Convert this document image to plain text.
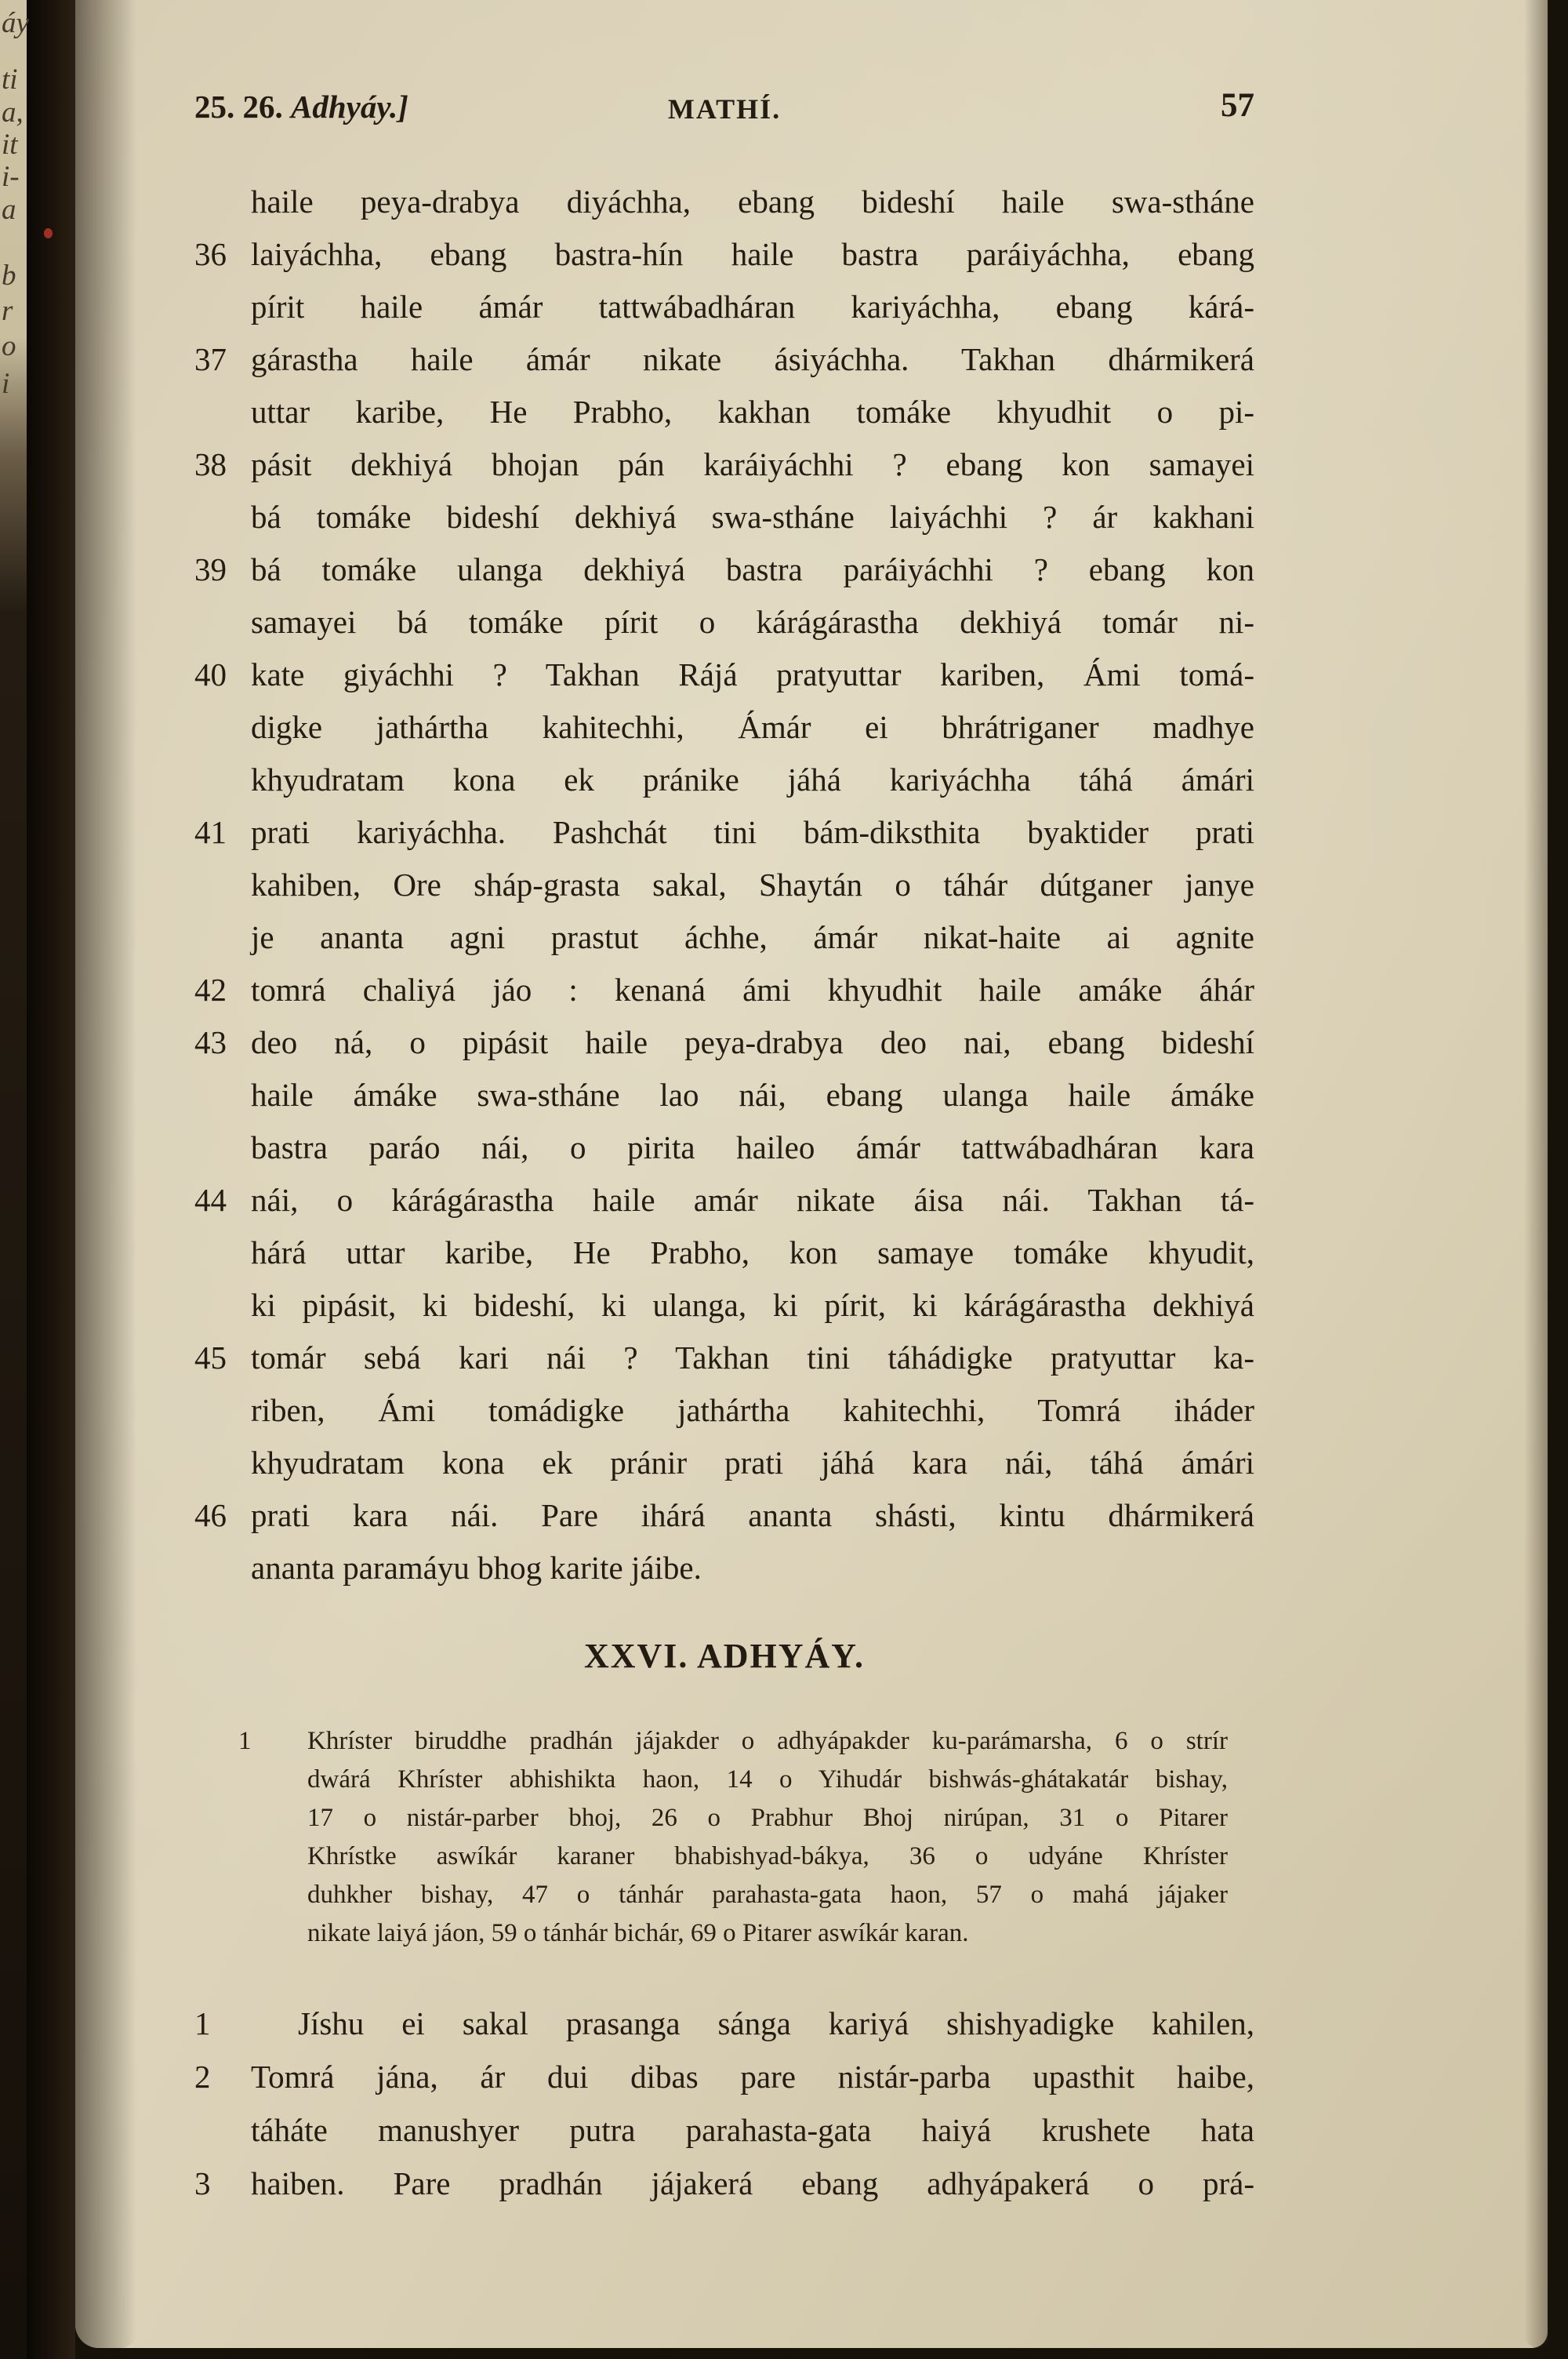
áy
ti
a,
it
i-
a
b
r
o
i
25. 26. Adhyáy.]	MATHÍ.	57
haile peya-drabya diyáchha, ebang bideshí haile swa-stháne
36 laiyáchha, ebang bastra-hín haile bastra paráiyáchha, ebang
pírit haile ámár tattwábadháran kariyáchha, ebang kárá-
37 gárastha haile ámár nikate ásiyáchha. Takhan dhármikerá
uttar karibe, He Prabho, kakhan tomáke khyudhit o pi-
38 pásit dekhiyá bhojan pán karáiyáchhi ? ebang kon samayei
bá tomáke bideshí dekhiyá swa-stháne laiyáchhi ? ár kakhani
39 bá tomáke ulanga dekhiyá bastra paráiyáchhi ? ebang kon
samayei bá tomáke pírit o kárágárastha dekhiyá tomár ni-
40 kate giyáchhi ? Takhan Rájá pratyuttar kariben, Ámi tomá-
digke jathártha kahitechhi, Ámár ei bhrátriganer madhye
khyudratam kona ek pránike jáhá kariyáchha táhá ámári
41 prati kariyáchha. Pashchát tini bám-diksthita byaktider prati
kahiben, Ore sháp-grasta sakal, Shaytán o táhár dútganer janye
je ananta agni prastut áchhe, ámár nikat-haite ai agnite
42 tomrá chaliyá jáo : kenaná ámi khyudhit haile amáke áhár
43 deo ná, o pipásit haile peya-drabya deo nai, ebang bideshí
haile ámáke swa-stháne lao nái, ebang ulanga haile ámáke
bastra paráo nái, o pirita haileo ámár tattwábadháran kara
44 nái, o kárágárastha haile amár nikate áisa nái. Takhan tá-
hárá uttar karibe, He Prabho, kon samaye tomáke khyudit,
ki pipásit, ki bideshí, ki ulanga, ki pírit, ki kárágárastha dekhiyá
45 tomár sebá kari nái ? Takhan tini táhádigke pratyuttar ka-
riben, Ámi tomádigke jathártha kahitechhi, Tomrá iháder
khyudratam kona ek pránir prati jáhá kara nái, táhá ámári
46 prati kara nái. Pare ihárá ananta shásti, kintu dhármikerá
ananta paramáyu bhog karite jáibe.
XXVI. ADHYÁY.
1	Khríster biruddhe pradhán jájakder o adhyápakder ku-parámarsha, 6 o strír
dwárá Khríster abhishikta haon, 14 o Yihudár bishwás-ghátakatár bishay,
17 o nistár-parber bhoj, 26 o Prabhur Bhoj nirúpan, 31 o Pitarer
Khrístke aswíkár karaner bhabishyad-bákya, 36 o udyáne Khríster
duhkher bishay, 47 o tánhár parahasta-gata haon, 57 o mahá jájaker
nikate laiyá jáon, 59 o tánhár bichár, 69 o Pitarer aswíkár karan.
1	Jíshu ei sakal prasanga sánga kariyá shishyadigke kahilen,
2	Tomrá jána, ár dui dibas pare nistár-parba upasthit haibe,
táháte manushyer putra parahasta-gata haiyá krushete hata
3	haiben. Pare pradhán jájakerá ebang adhyápakerá o prá-
